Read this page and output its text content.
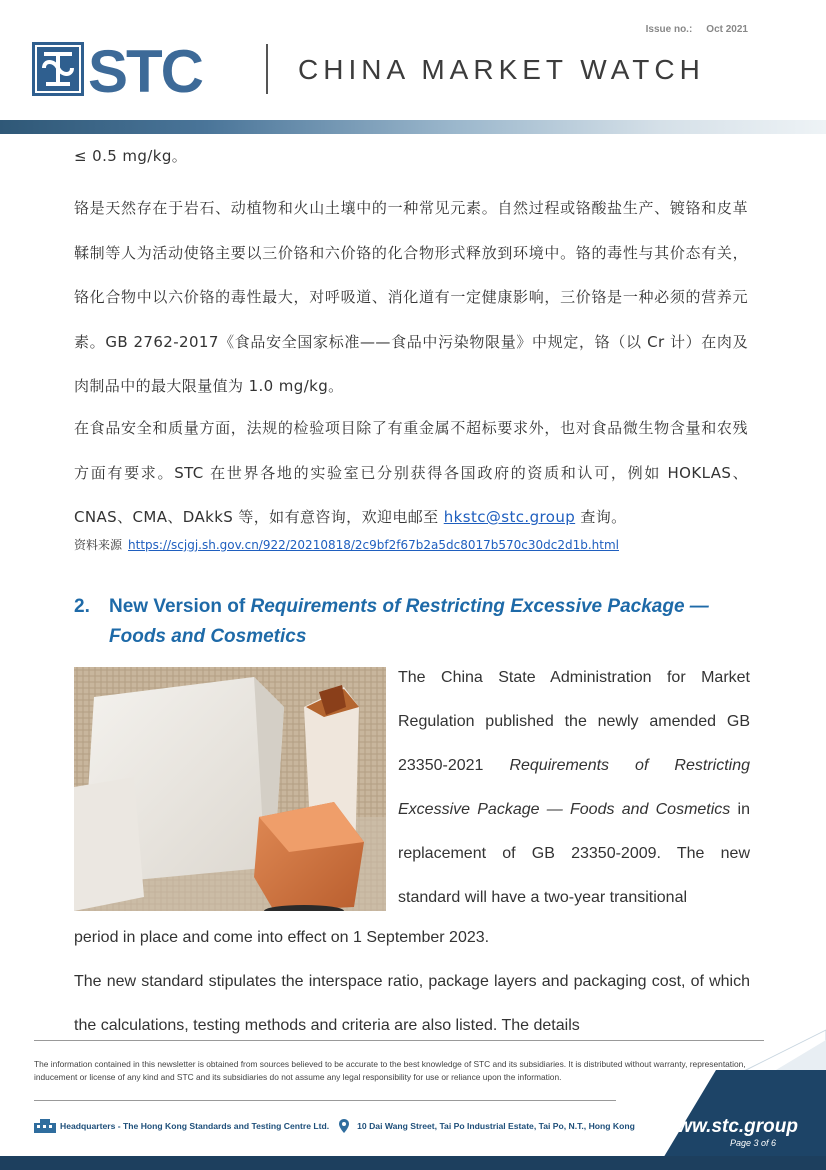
Issue no.: Oct 2021
STC	CHINA MARKET WATCH
≤ 0.5 mg/kg。
铬是天然存在于岩石、动植物和火山土壤中的一种常见元素。自然过程或铬酸盐生产、镀铬和皮革鞣制等人为活动使铬主要以三价铬和六价铬的化合物形式释放到环境中。铬的毒性与其价态有关，铬化合物中以六价铬的毒性最大，对呼吸道、消化道有一定健康影响，三价铬是一种必须的营养元素。GB 2762-2017《食品安全国家标准——食品中污染物限量》中规定，铬（以 Cr 计）在肉及肉制品中的最大限量值为 1.0 mg/kg。
在食品安全和质量方面，法规的检验项目除了有重金属不超标要求外，也对食品微生物含量和农残方面有要求。STC 在世界各地的实验室已分别获得各国政府的资质和认可，例如 HOKLAS、CNAS、CMA、DAkkS 等，如有意咨询，欢迎电邮至 hkstc@stc.group 查询。
资料来源 https://scjgj.sh.gov.cn/922/20210818/2c9bf2f67b2a5dc8017b570c30dc2d1b.html
2. New Version of Requirements of Restricting Excessive Package — Foods and Cosmetics
The China State Administration for Market Regulation published the newly amended GB 23350-2021 Requirements of Restricting Excessive Package — Foods and Cosmetics in replacement of GB 23350-2009. The new standard will have a two-year transitional
period in place and come into effect on 1 September 2023.
The new standard stipulates the interspace ratio, package layers and packaging cost, of which the calculations, testing methods and criteria are also listed. The details
The information contained in this newsletter is obtained from sources believed to be accurate to the best knowledge of STC and its subsidiaries. It is distributed without warranty, representation, inducement or license of any kind and STC and its subsidiaries do not assume any legal responsibility for use or reliance upon the information.
Headquarters - The Hong Kong Standards and Testing Centre Ltd.	10 Dai Wang Street, Tai Po Industrial Estate, Tai Po, N.T., Hong Kong www.stc.group
Page 3 of 6
